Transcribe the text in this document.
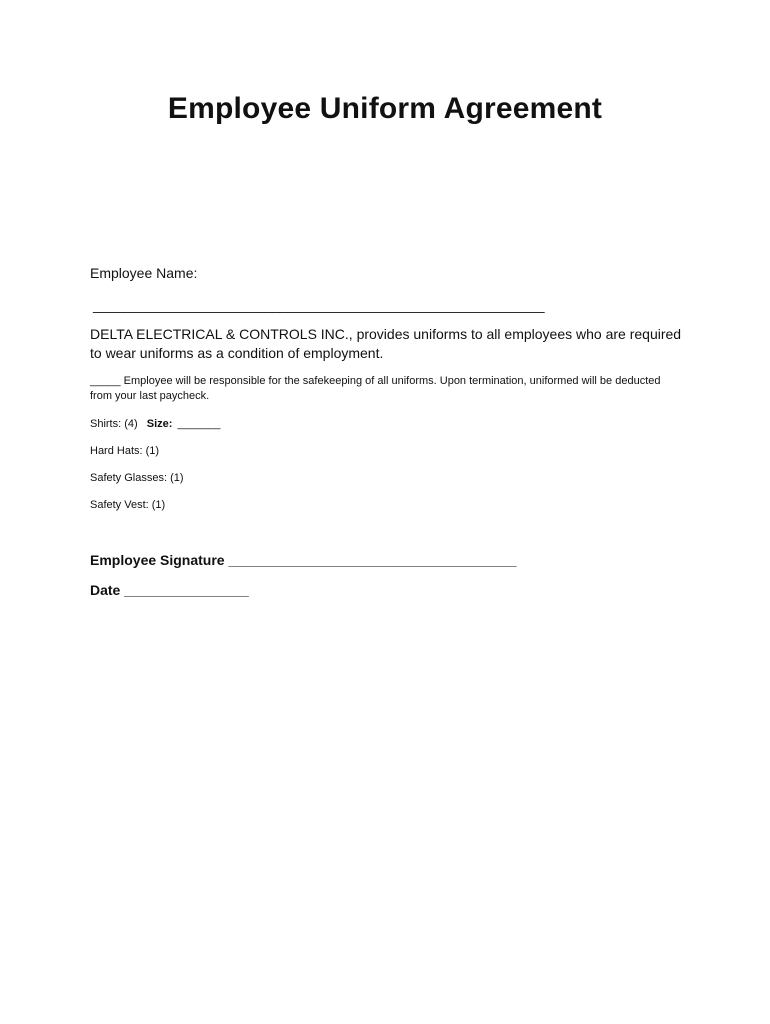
Employee Uniform Agreement
Employee Name:
__________________________________________________________
DELTA ELECTRICAL & CONTROLS INC., provides uniforms to all employees who are required
to wear uniforms as a condition of employment.
_____ Employee will be responsible for the safekeeping of all uniforms. Upon termination, uniformed will be deducted
from your last paycheck.
Shirts: (4) Size: _______
Hard Hats: (1)
Safety Glasses: (1)
Safety Vest: (1)
Employee Signature _____________________________________
Date ________________
